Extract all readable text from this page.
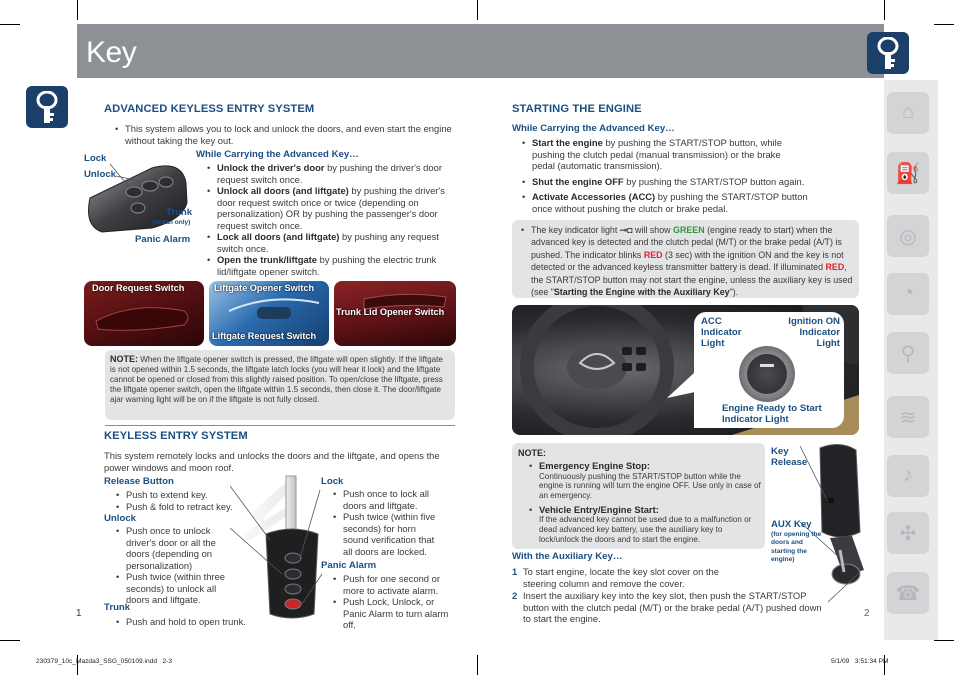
Key
⌂
⛽
◎
◔
⚲
≋
♪
✣
☎
ADVANCED KEYLESS ENTRY SYSTEM
• This system allows you to lock and unlock the doors, and even start the engine without taking the key out.
Lock
Unlock
Trunk
(sedan only)
Panic Alarm
While Carrying the Advanced Key…
• Unlock the driver's door by pushing the driver's door request switch once.
• Unlock all doors (and liftgate) by pushing the driver's door request switch once or twice (depending on personalization) OR by pushing the passenger's door request switch once.
• Lock all doors (and liftgate) by pushing any request switch once.
• Open the trunk/liftgate by pushing the electric trunk lid/liftgate opener switch.
Door Request Switch	Liftgate Opener Switch
Liftgate Request Switch
Trunk Lid Opener Switch
NOTE: When the liftgate opener switch is pressed, the liftgate will open slightly. If the liftgate is not opened within 1.5 seconds, the liftgate latch locks (you will hear it lock) and the liftgate cannot be opened or closed from this slightly raised position. To open/close the liftgate, press the liftgate opener switch, open the liftgate within 1.5 seconds, then close it. The door/liftgate ajar warning light will be on if the liftgate is not fully closed.
KEYLESS ENTRY SYSTEM
This system remotely locks and unlocks the doors and the liftgate, and opens the power windows and moon roof.
Release Button
• Push to extend key.
• Push & fold to retract key.
Unlock
• Push once to unlock driver's door or all the doors (depending on personalization)
• Push twice (within three seconds) to unlock all doors and liftgate.
Trunk
• Push and hold to open trunk.
Lock
• Push once to lock all doors and liftgate.
• Push twice (within five seconds) for horn sound verification that all doors are locked.
Panic Alarm
• Push for one second or more to activate alarm.
• Push Lock, Unlock, or Panic Alarm to turn alarm off.
1
STARTING THE ENGINE
While Carrying the Advanced Key…
• Start the engine by pushing the START/STOP button, while pushing the clutch pedal (manual transmission) or the brake pedal (automatic transmission).
• Shut the engine OFF by pushing the START/STOP button again.
• Activate Accessories (ACC) by pushing the START/STOP button once without pushing the clutch or brake pedal.
• The key indicator light ⊸◘ will show GREEN (engine ready to start) when the advanced key is detected and the clutch pedal (M/T) or the brake pedal (A/T) is pushed. The indicator blinks RED (3 sec) with the ignition ON and the key is not detected or the advanced keyless transmitter battery is dead. If illuminated RED, the START/STOP button may not start the engine, unless the auxiliary key is used (see "Starting the Engine with the Auxiliary Key").
ACC Indicator Light
Ignition ON Indicator Light
Engine Ready to Start Indicator Light
NOTE:
• Emergency Engine Stop:

Continuously pushing the START/STOP button while the engine is running will turn the engine OFF. Use only in case of an emergency.
• Vehicle Entry/Engine Start:

If the advanced key cannot be used due to a malfunction or dead advanced key battery, use the auxiliary key to lock/unlock the doors and to start the engine.
Key Release
AUX Key
(for opening the doors and starting the engine)
With the Auxiliary Key…
1 To start engine, locate the key slot cover on the steering column and remove the cover.
2 Insert the auxiliary key into the key slot, then push the START/STOP button with the clutch pedal (M/T) or the brake pedal (A/T) pushed down to start the engine.	2
230379_10c_Mazda3_SSG_050109.indd   2-3	5/1/09   3:51:34 PM
